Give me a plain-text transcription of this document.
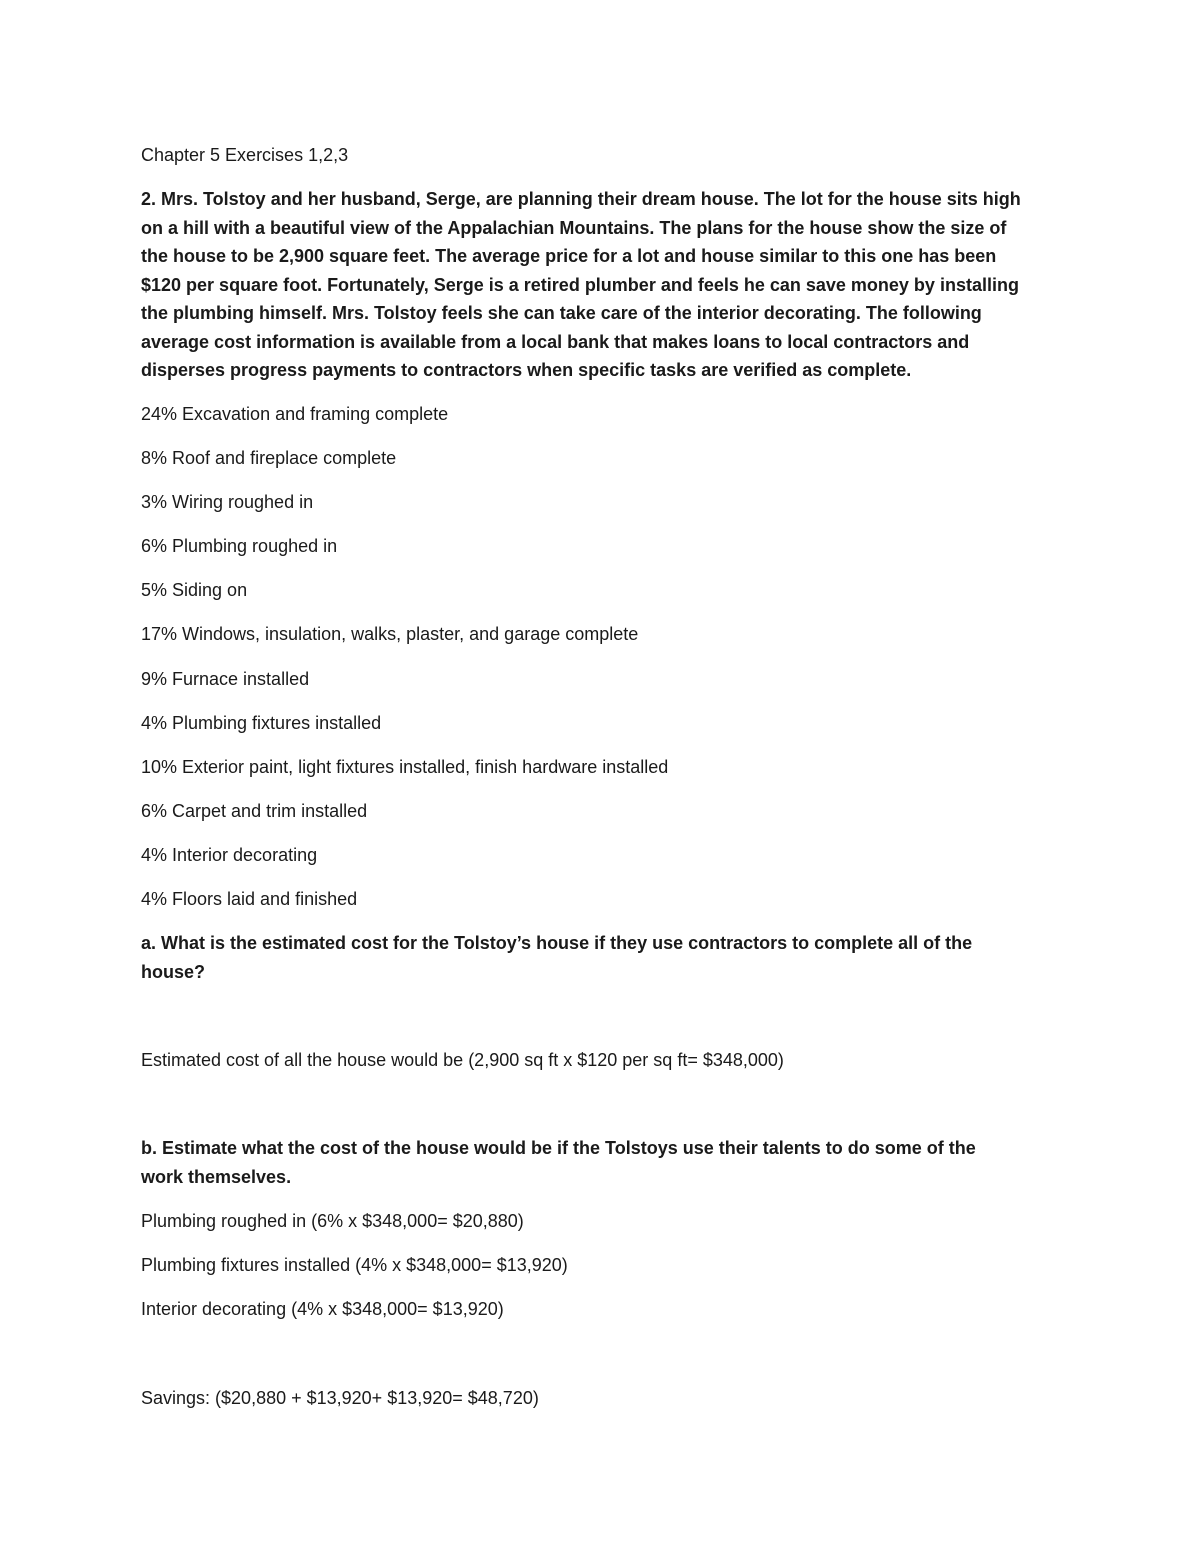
Chapter 5 Exercises 1,2,3

2. Mrs. Tolstoy and her husband, Serge, are planning their dream house. The lot for the house sits high
on a hill with a beautiful view of the Appalachian Mountains. The plans for the house show the size of
the house to be 2,900 square feet. The average price for a lot and house similar to this one has been
$120 per square foot. Fortunately, Serge is a retired plumber and feels he can save money by installing
the plumbing himself. Mrs. Tolstoy feels she can take care of the interior decorating. The following
average cost information is available from a local bank that makes loans to local contractors and
disperses progress payments to contractors when specific tasks are verified as complete.

24% Excavation and framing complete

8% Roof and fireplace complete

3% Wiring roughed in

6% Plumbing roughed in

5% Siding on

17% Windows, insulation, walks, plaster, and garage complete

9% Furnace installed

4% Plumbing fixtures installed

10% Exterior paint, light fixtures installed, finish hardware installed

6% Carpet and trim installed

4% Interior decorating

4% Floors laid and finished

a. What is the estimated cost for the Tolstoy’s house if they use contractors to complete all of the
house?

Estimated cost of all the house would be (2,900 sq ft x $120 per sq ft= $348,000)

b. Estimate what the cost of the house would be if the Tolstoys use their talents to do some of the
work themselves.

Plumbing roughed in (6% x $348,000= $20,880)

Plumbing fixtures installed (4% x $348,000= $13,920)

Interior decorating (4% x $348,000= $13,920)

Savings: ($20,880 + $13,920+ $13,920= $48,720)
